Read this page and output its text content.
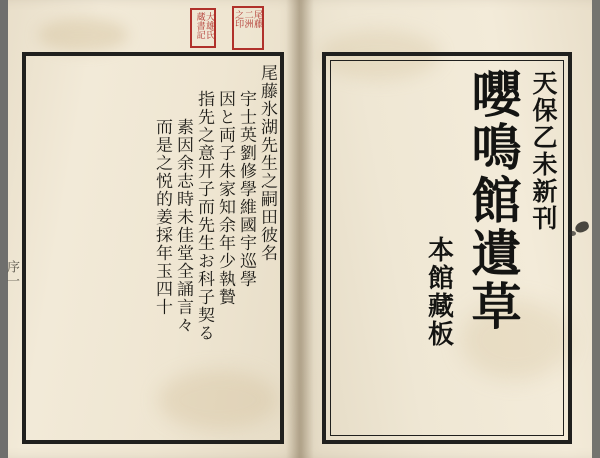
尾藤氷湖先生之嗣田彼名
宇士英劉修學維國宇巡學
因と両子朱家知余年少執贄
指先之意开子而先生お科子契る
素因余志時未佳堂全誦言々
而是之悦的姜採年玉四十
序一
天保乙未新刊
嚶鳴館遺草
本館藏板
尾藤 二洲 之印
大雄氏 蔵書記
